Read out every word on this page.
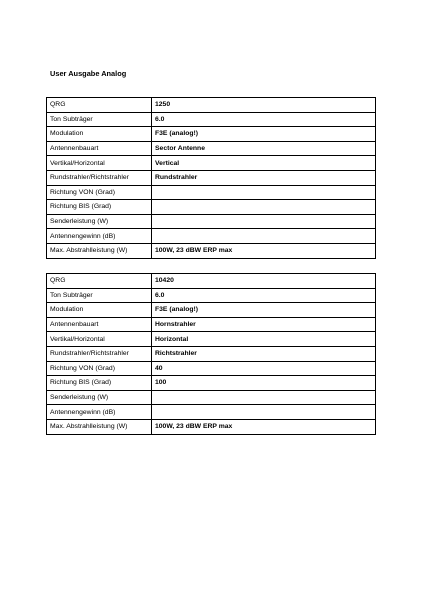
User Ausgabe Analog
QRG	1250
Ton Subträger	6.0
Modulation	F3E (analog!)
Antennenbauart	Sector Antenne
Vertikal/Horizontal	Vertical
Rundstrahler/Richtstrahler	Rundstrahler
Richtung VON (Grad)	
Richtung BIS (Grad)	
Senderleistung (W)	
Antennengewinn (dB)	
Max. Abstrahlleistung (W)	100W, 23 dBW ERP max
QRG	10420
Ton Subträger	6.0
Modulation	F3E (analog!)
Antennenbauart	Hornstrahler
Vertikal/Horizontal	Horizontal
Rundstrahler/Richtstrahler	Richtstrahler
Richtung VON (Grad)	40
Richtung BIS (Grad)	100
Senderleistung (W)	
Antennengewinn (dB)	
Max. Abstrahlleistung (W)	100W, 23 dBW ERP max
